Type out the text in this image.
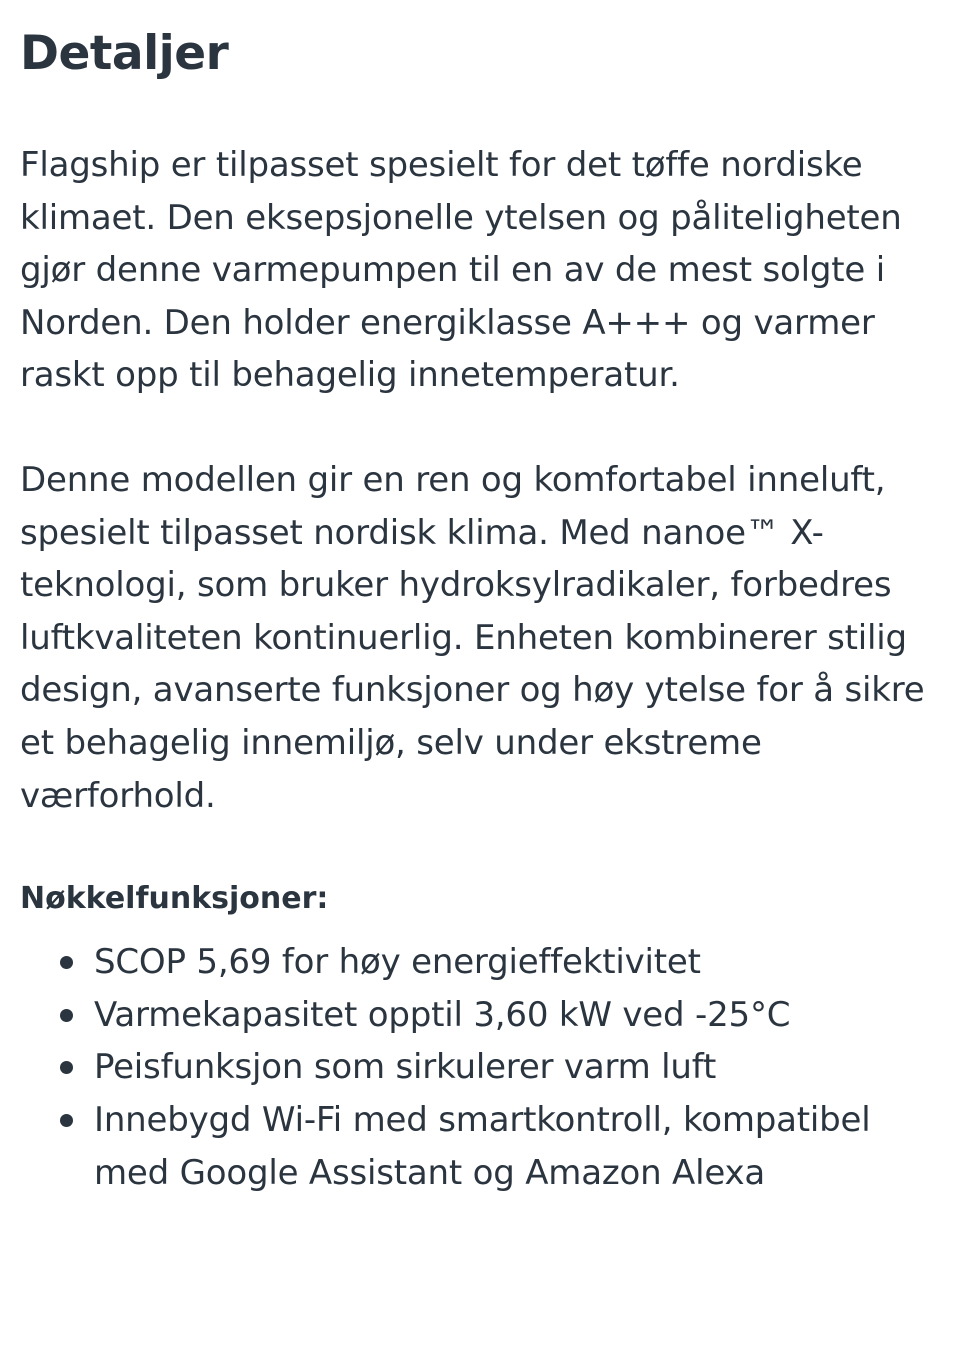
Detaljer

Flagship er tilpasset spesielt for det tøffe nordiske klimaet. Den eksepsjonelle ytelsen og påliteligheten gjør denne varmepumpen til en av de mest solgte i Norden. Den holder energiklasse A+++ og varmer raskt opp til behagelig innetemperatur.

Denne modellen gir en ren og komfortabel inneluft, spesielt tilpasset nordisk klima. Med nanoe™ X-teknologi, som bruker hydroksylradikaler, forbedres luftkvaliteten kontinuerlig. Enheten kombinerer stilig design, avanserte funksjoner og høy ytelse for å sikre et behagelig innemiljø, selv under ekstreme værforhold.

Nøkkelfunksjoner:
SCOP 5,69 for høy energieffektivitet
Varmekapasitet opptil 3,60 kW ved -25°C
Peisfunksjon som sirkulerer varm luft
Innebygd Wi-Fi med smartkontroll, kompatibel med Google Assistant og Amazon Alexa
